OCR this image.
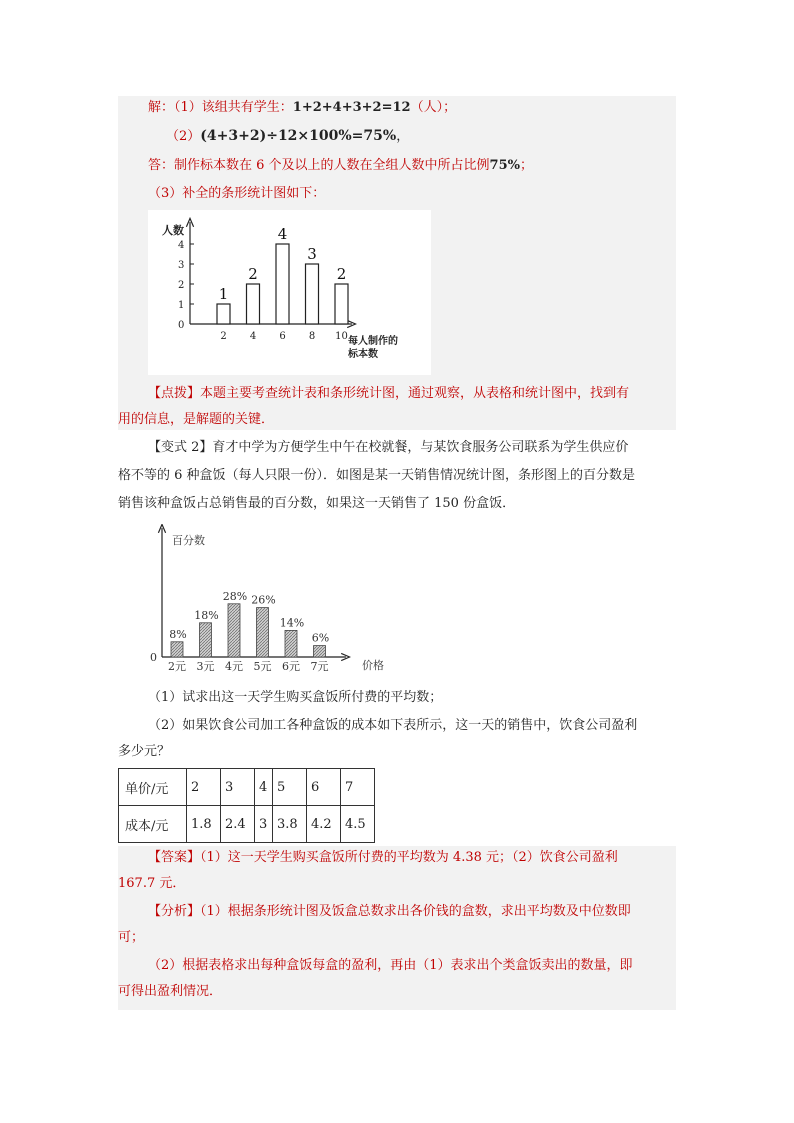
解：（1）该组共有学生：1+2+4+3+2=12（人）；
（2）(4+3+2)÷12×100%=75%，
答：制作标本数在 6 个及以上的人数在全组人数中所占比例75%；
（3）补全的条形统计图如下：
人数
每人制作的
标本数
0
1
2
3
4
1
2
2
4
4
6
3
8
2
10
【点拨】本题主要考查统计表和条形统计图，通过观察，从表格和统计图中，找到有
用的信息，是解题的关键．
【变式 2】育才中学为方便学生中午在校就餐，与某饮食服务公司联系为学生供应价
格不等的 6 种盒饭（每人只限一份）．如图是某一天销售情况统计图，条形图上的百分数是
销售该种盒饭占总销售最的百分数，如果这一天销售了 150 份盒饭．
百分数
价格
0
8%
2元
18%
3元
28%
4元
26%
5元
14%
6元
6%
7元
（1）试求出这一天学生购买盒饭所付费的平均数；
（2）如果饮食公司加工各种盒饭的成本如下表所示，这一天的销售中，饮食公司盈利
多少元？
单价/元	2	3	4	5	6	7
成本/元	1.8	2.4	3	3.8	4.2	4.5
【答案】（1）这一天学生购买盒饭所付费的平均数为 4.38 元；（2）饮食公司盈利
167.7 元．
【分析】（1）根据条形统计图及饭盒总数求出各价钱的盒数，求出平均数及中位数即
可；
（2）根据表格求出每种盒饭每盒的盈利，再由（1）表求出个类盒饭卖出的数量，即
可得出盈利情况．
